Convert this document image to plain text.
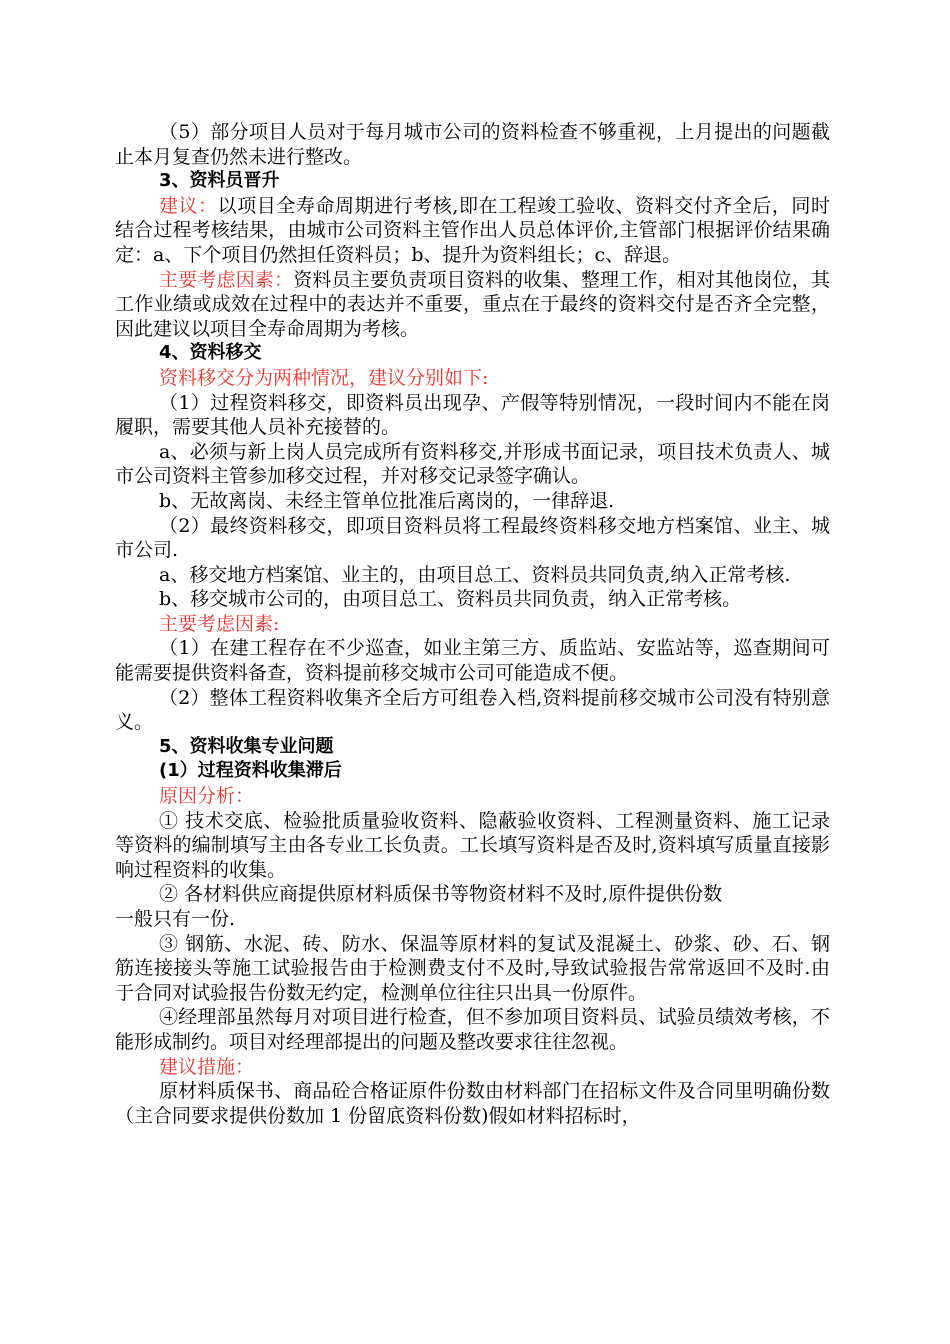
（5）部分项目人员对于每月城市公司的资料检查不够重视，上月提出的问题截止本月复查仍然未进行整改。

3、资料员晋升

建议：以项目全寿命周期进行考核,即在工程竣工验收、资料交付齐全后，同时结合过程考核结果，由城市公司资料主管作出人员总体评价,主管部门根据评价结果确定：a、下个项目仍然担任资料员；b、提升为资料组长；c、辞退。

主要考虑因素：资料员主要负责项目资料的收集、整理工作，相对其他岗位，其工作业绩或成效在过程中的表达并不重要，重点在于最终的资料交付是否齐全完整，因此建议以项目全寿命周期为考核。

4、资料移交

资料移交分为两种情况，建议分别如下:

（1）过程资料移交，即资料员出现孕、产假等特别情况，一段时间内不能在岗履职，需要其他人员补充接替的。

a、必须与新上岗人员完成所有资料移交,并形成书面记录，项目技术负责人、城市公司资料主管参加移交过程，并对移交记录签字确认。

b、无故离岗、未经主管单位批准后离岗的，一律辞退.

（2）最终资料移交，即项目资料员将工程最终资料移交地方档案馆、业主、城市公司.

a、移交地方档案馆、业主的，由项目总工、资料员共同负责,纳入正常考核.

b、移交城市公司的，由项目总工、资料员共同负责，纳入正常考核。

主要考虑因素:

（1）在建工程存在不少巡查，如业主第三方、质监站、安监站等，巡查期间可能需要提供资料备查，资料提前移交城市公司可能造成不便。

（2）整体工程资料收集齐全后方可组卷入档,资料提前移交城市公司没有特别意义。

5、资料收集专业问题

(1）过程资料收集滞后

原因分析：

① 技术交底、检验批质量验收资料、隐蔽验收资料、工程测量资料、施工记录等资料的编制填写主由各专业工长负责。工长填写资料是否及时,资料填写质量直接影响过程资料的收集。

② 各材料供应商提供原材料质保书等物资材料不及时,原件提供份数

一般只有一份.

③ 钢筋、水泥、砖、防水、保温等原材料的复试及混凝土、砂浆、砂、石、钢筋连接接头等施工试验报告由于检测费支付不及时,导致试验报告常常返回不及时.由于合同对试验报告份数无约定，检测单位往往只出具一份原件。

④经理部虽然每月对项目进行检查，但不参加项目资料员、试验员绩效考核，不能形成制约。项目对经理部提出的问题及整改要求往往忽视。

建议措施：

原材料质保书、商品砼合格证原件份数由材料部门在招标文件及合同里明确份数（主合同要求提供份数加 1 份留底资料份数)假如材料招标时，
